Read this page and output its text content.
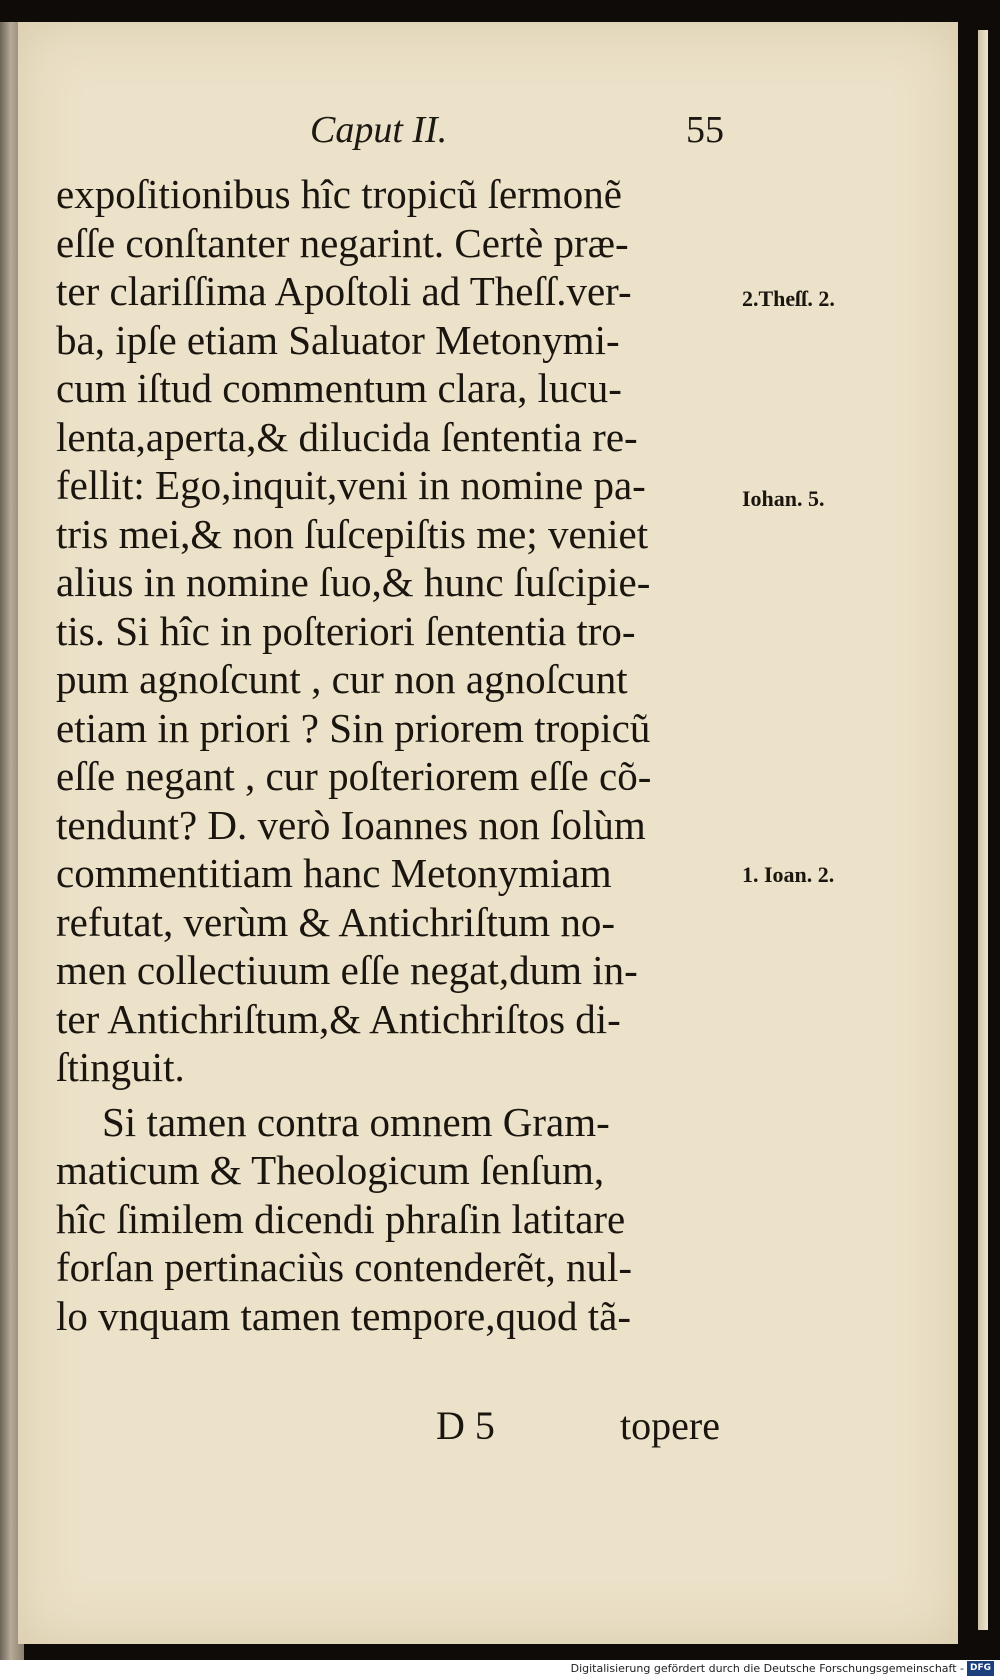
Caput II.	55
expoſitionibus hîc tropicũ ſermonẽ
eſſe conſtanter negarint. Certè præ-
ter clariſſima Apoſtoli ad Theſſ.ver-
ba, ipſe etiam Saluator Metonymi-
cum iſtud commentum clara, lucu-
lenta,aperta,& dilucida ſententia re-
fellit: Ego,inquit,veni in nomine pa-
tris mei,& non ſuſcepiſtis me; veniet
alius in nomine ſuo,& hunc ſuſcipie-
tis. Si hîc in poſteriori ſententia tro-
pum agnoſcunt , cur non agnoſcunt
etiam in priori ? Sin priorem tropicũ
eſſe negant , cur poſteriorem eſſe cõ-
tendunt? D. verò Ioannes non ſolùm
commentitiam hanc Metonymiam
refutat, verùm & Antichriſtum no-
men collectiuum eſſe negat,dum in-
ter Antichriſtum,& Antichriſtos di-
ſtinguit.
Si tamen contra omnem Gram-
maticum & Theologicum ſenſum,
hîc ſimilem dicendi phraſin latitare
forſan pertinaciùs contenderẽt, nul-
lo vnquam tamen tempore,quod tã-
2.Theſſ. 2.
Iohan. 5.
1. Ioan. 2.
D 5	topere
Digitalisierung gefördert durch die Deutsche Forschungsgemeinschaft - DFG
